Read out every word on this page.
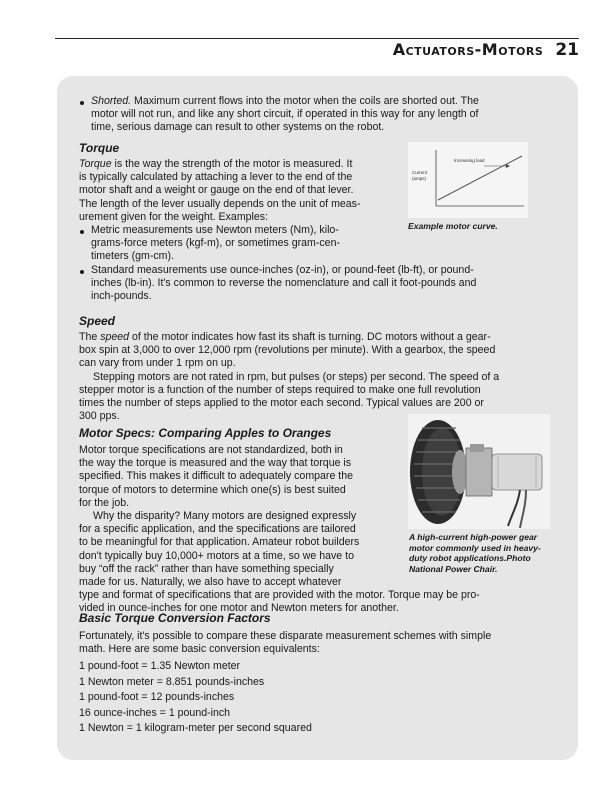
Actuators-Motors 21
Shorted. Maximum current flows into the motor when the coils are shorted out. The
motor will not run, and like any short circuit, if operated in this way for any length of
time, serious damage can result to other systems on the robot.
Torque
Torque is the way the strength of the motor is measured. It
is typically calculated by attaching a lever to the end of the
motor shaft and a weight or gauge on the end of that lever.
The length of the lever usually depends on the unit of meas-
urement given for the weight. Examples:
Metric measurements use Newton meters (Nm), kilo-
grams-force meters (kgf-m), or sometimes gram-cen-
timeters (gm-cm).
Standard measurements use ounce-inches (oz-in), or pound-feet (lb-ft), or pound-
inches (lb-in). It's common to reverse the nomenclature and call it foot-pounds and
inch-pounds.
Increasing load
Current
(amps)
Example motor curve.
Speed
The speed of the motor indicates how fast its shaft is turning. DC motors without a gear-
box spin at 3,000 to over 12,000 rpm (revolutions per minute). With a gearbox, the speed
can vary from under 1 rpm on up.
Stepping motors are not rated in rpm, but pulses (or steps) per second. The speed of a
stepper motor is a function of the number of steps required to make one full revolution
times the number of steps applied to the motor each second. Typical values are 200 or
300 pps.
Motor Specs: Comparing Apples to Oranges
Motor torque specifications are not standardized, both in
the way the torque is measured and the way that torque is
specified. This makes it difficult to adequately compare the
torque of motors to determine which one(s) is best suited
for the job.
Why the disparity? Many motors are designed expressly
for a specific application, and the specifications are tailored
to be meaningful for that application. Amateur robot builders
don't typically buy 10,000+ motors at a time, so we have to
buy “off the rack” rather than have something specially
made for us. Naturally, we also have to accept whatever
type and format of specifications that are provided with the motor. Torque may be pro-
vided in ounce-inches for one motor and Newton meters for another.
A high-current high-power gear
motor commonly used in heavy-
duty robot applications.Photo
National Power Chair.
Basic Torque Conversion Factors
Fortunately, it's possible to compare these disparate measurement schemes with simple
math. Here are some basic conversion equivalents:
1 pound-foot = 1.35 Newton meter
1 Newton meter = 8.851 pounds-inches
1 pound-foot = 12 pounds-inches
16 ounce-inches = 1 pound-inch
1 Newton = 1 kilogram-meter per second squared
